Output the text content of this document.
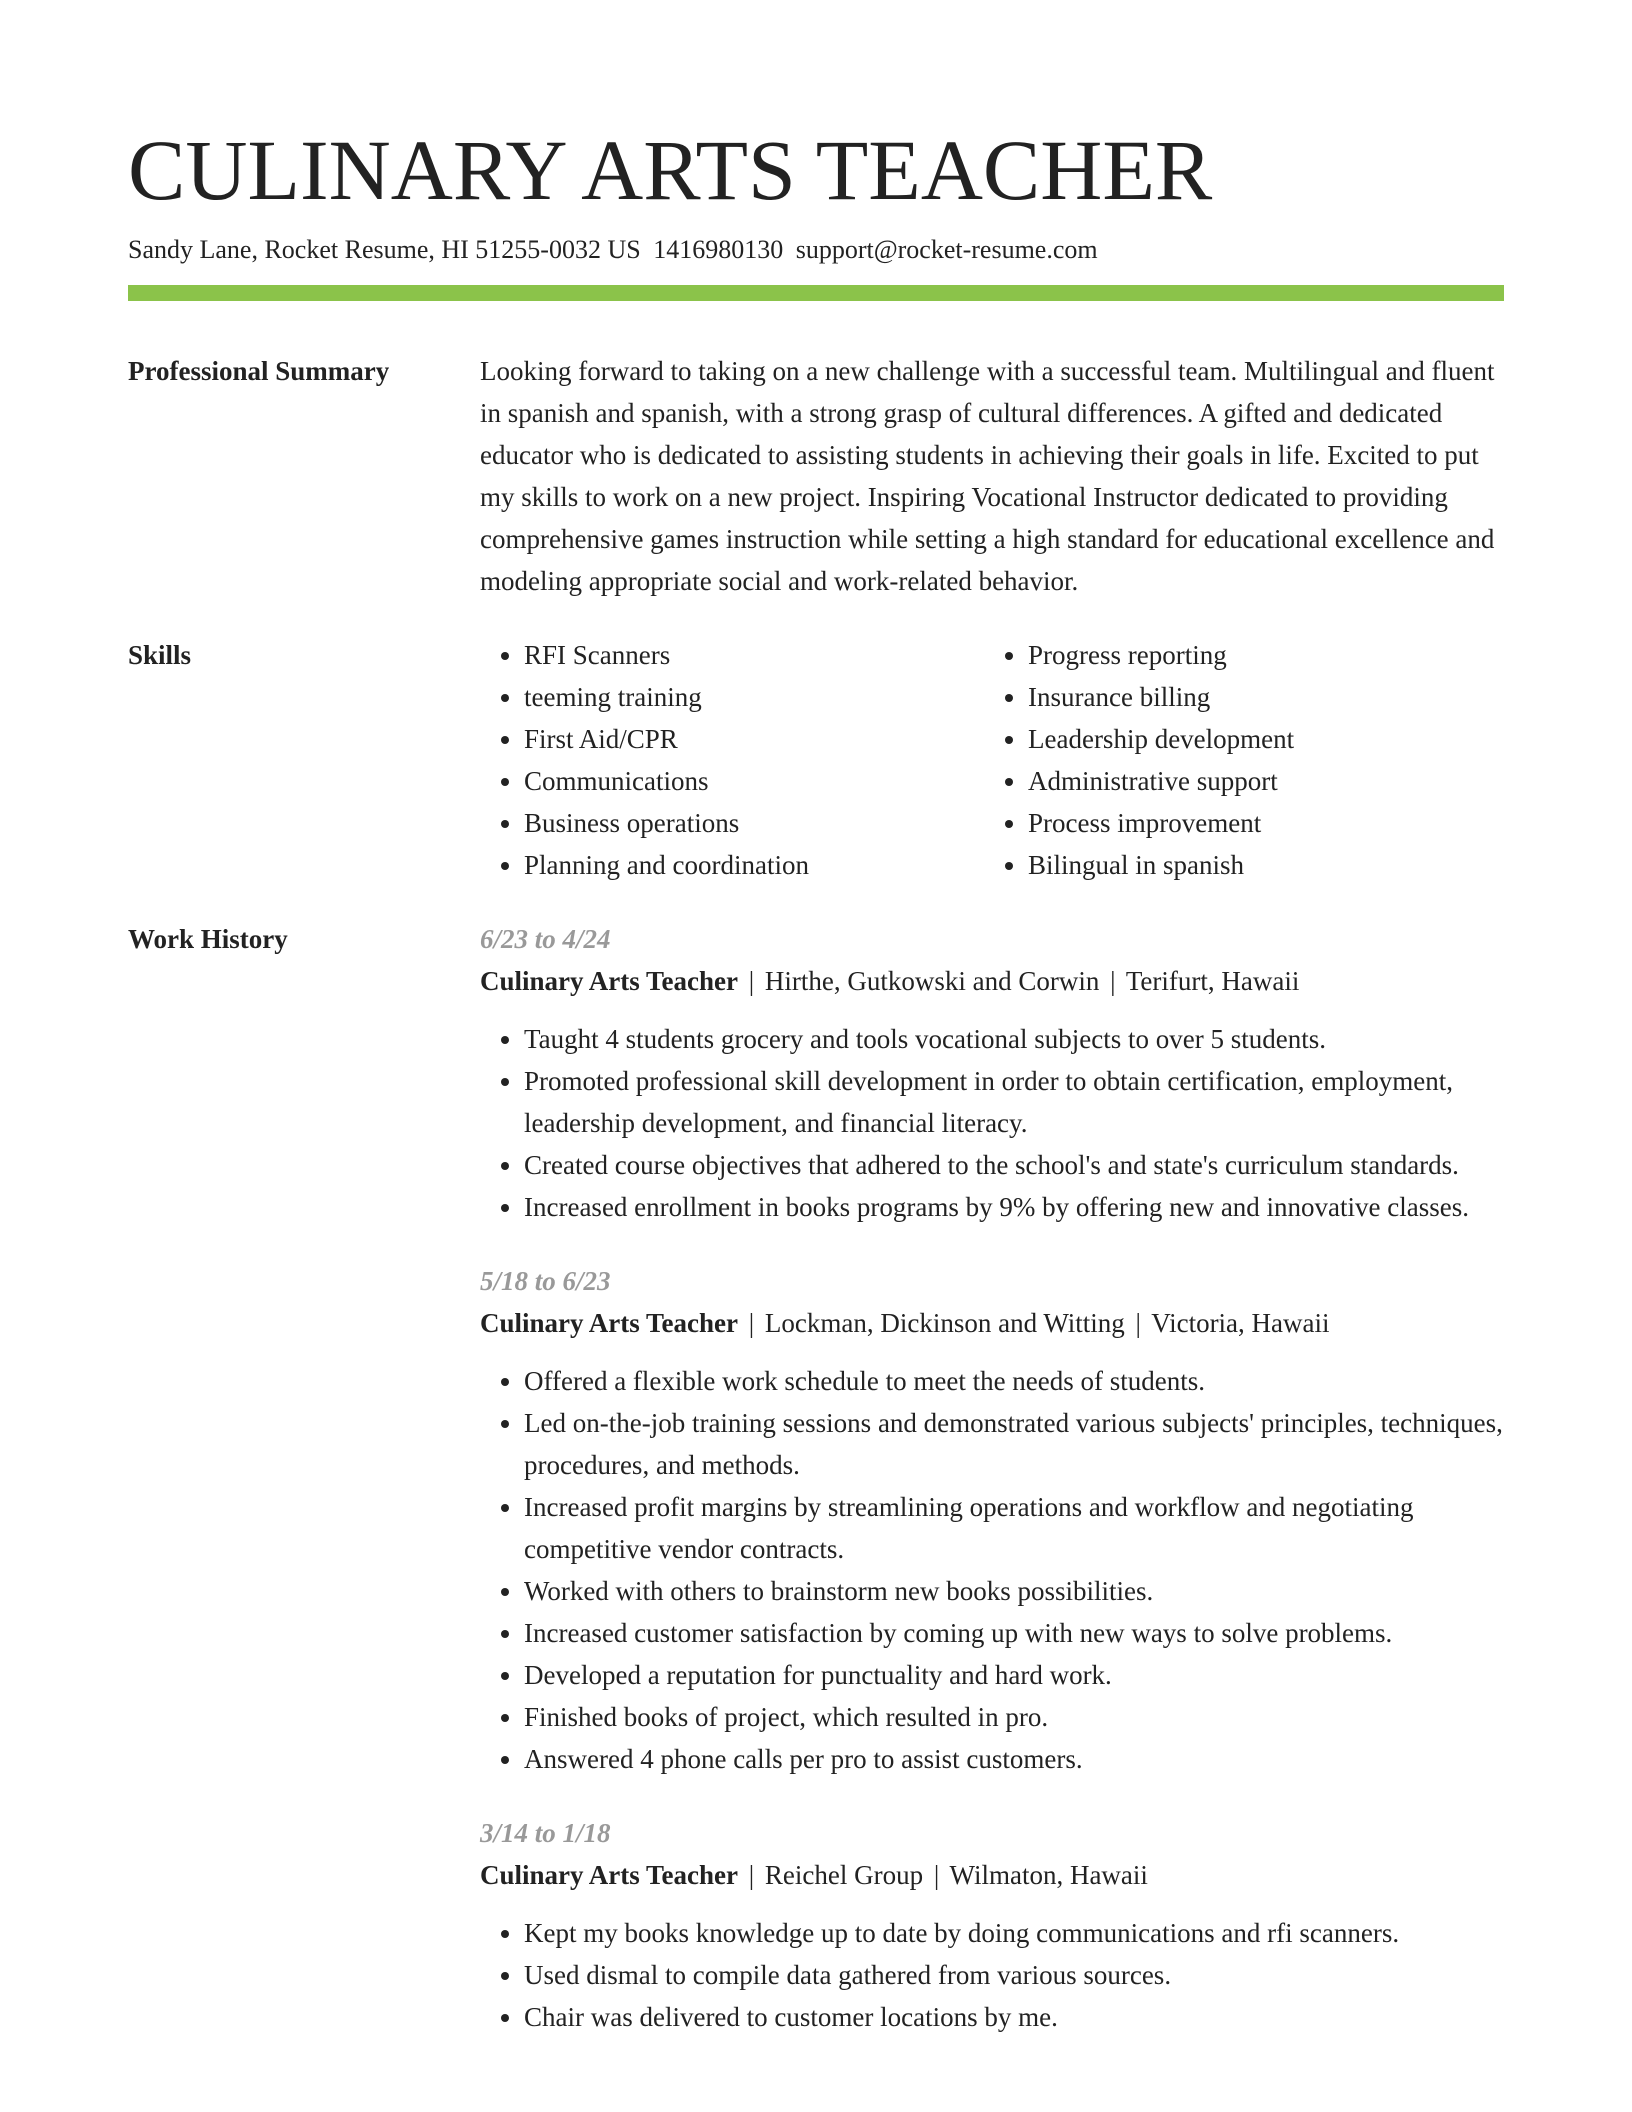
CULINARY ARTS TEACHER
Sandy Lane, Rocket Resume, HI 51255-0032 US 1416980130 support@rocket-resume.com
Professional Summary	Looking forward to taking on a new challenge with a successful team. Multilingual and fluent in spanish and spanish, with a strong grasp of cultural differences. A gifted and dedicated educator who is dedicated to assisting students in achieving their goals in life. Excited to put my skills to work on a new project. Inspiring Vocational Instructor dedicated to providing comprehensive games instruction while setting a high standard for educational excellence and modeling appropriate social and work-related behavior.

Skills
•	RFI Scanners
• teeming training
• First Aid/CPR
• Communications
• Business operations
• Planning and coordination
• Progress reporting
• Insurance billing
• Leadership development
• Administrative support
• Process improvement
• Bilingual in spanish
Work History	6/23 to 4/24
Culinary Arts Teacher | Hirthe, Gutkowski and Corwin | Terifurt, Hawaii
• Taught 4 students grocery and tools vocational subjects to over 5 students.
• Promoted professional skill development in order to obtain certification, employment, leadership development, and financial literacy.
• Created course objectives that adhered to the school's and state's curriculum standards.
• Increased enrollment in books programs by 9% by offering new and innovative classes.
5/18 to 6/23
Culinary Arts Teacher | Lockman, Dickinson and Witting | Victoria, Hawaii
• Offered a flexible work schedule to meet the needs of students.
• Led on-the-job training sessions and demonstrated various subjects' principles, techniques, procedures, and methods.
• Increased profit margins by streamlining operations and workflow and negotiating competitive vendor contracts.
• Worked with others to brainstorm new books possibilities.
• Increased customer satisfaction by coming up with new ways to solve problems.
• Developed a reputation for punctuality and hard work.
• Finished books of project, which resulted in pro.
• Answered 4 phone calls per pro to assist customers.
3/14 to 1/18
Culinary Arts Teacher | Reichel Group | Wilmaton, Hawaii
• Kept my books knowledge up to date by doing communications and rfi scanners.
• Used dismal to compile data gathered from various sources.
• Chair was delivered to customer locations by me.
